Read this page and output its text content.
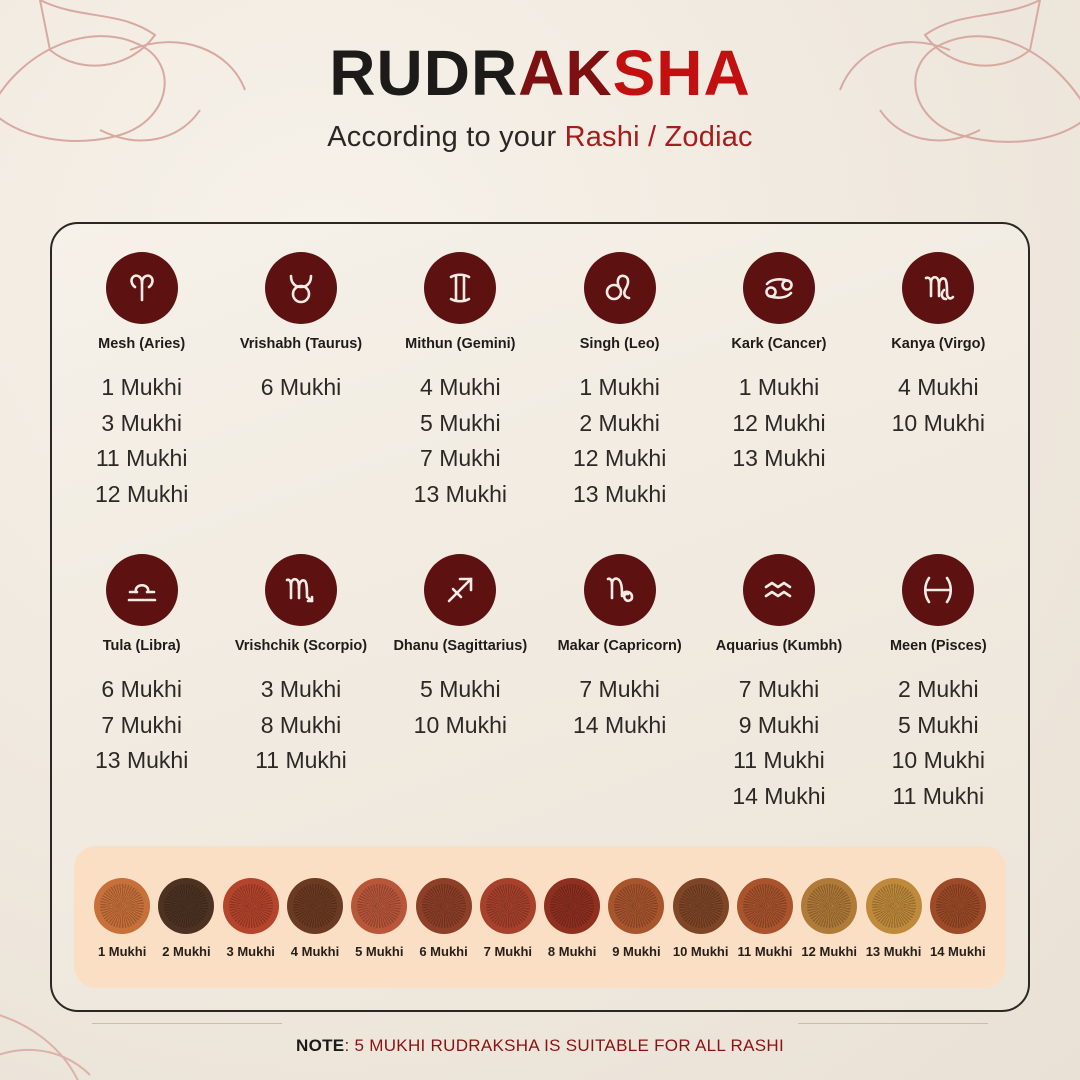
RUDRAKSHA
According to your Rashi / Zodiac
Mesh (Aries)
1 Mukhi
3 Mukhi
11 Mukhi
12 Mukhi
Vrishabh (Taurus)
6 Mukhi
Mithun (Gemini)
4 Mukhi
5 Mukhi
7 Mukhi
13 Mukhi
Singh (Leo)
1 Mukhi
2 Mukhi
12 Mukhi
13 Mukhi
Kark (Cancer)
1 Mukhi
12 Mukhi
13 Mukhi
Kanya (Virgo)
4 Mukhi
10 Mukhi
Tula (Libra)
6 Mukhi
7 Mukhi
13 Mukhi
Vrishchik (Scorpio)
3 Mukhi
8 Mukhi
11 Mukhi
Dhanu (Sagittarius)
5 Mukhi
10 Mukhi
Makar (Capricorn)
7 Mukhi
14 Mukhi
Aquarius (Kumbh)
7 Mukhi
9 Mukhi
11 Mukhi
14 Mukhi
Meen (Pisces)
2 Mukhi
5 Mukhi
10 Mukhi
11 Mukhi
1 Mukhi 2 Mukhi 3 Mukhi 4 Mukhi 5 Mukhi 6 Mukhi 7 Mukhi 8 Mukhi 9 Mukhi 10 Mukhi 11 Mukhi 12 Mukhi 13 Mukhi 14 Mukhi
NOTE: 5 MUKHI RUDRAKSHA IS SUITABLE FOR ALL RASHI
